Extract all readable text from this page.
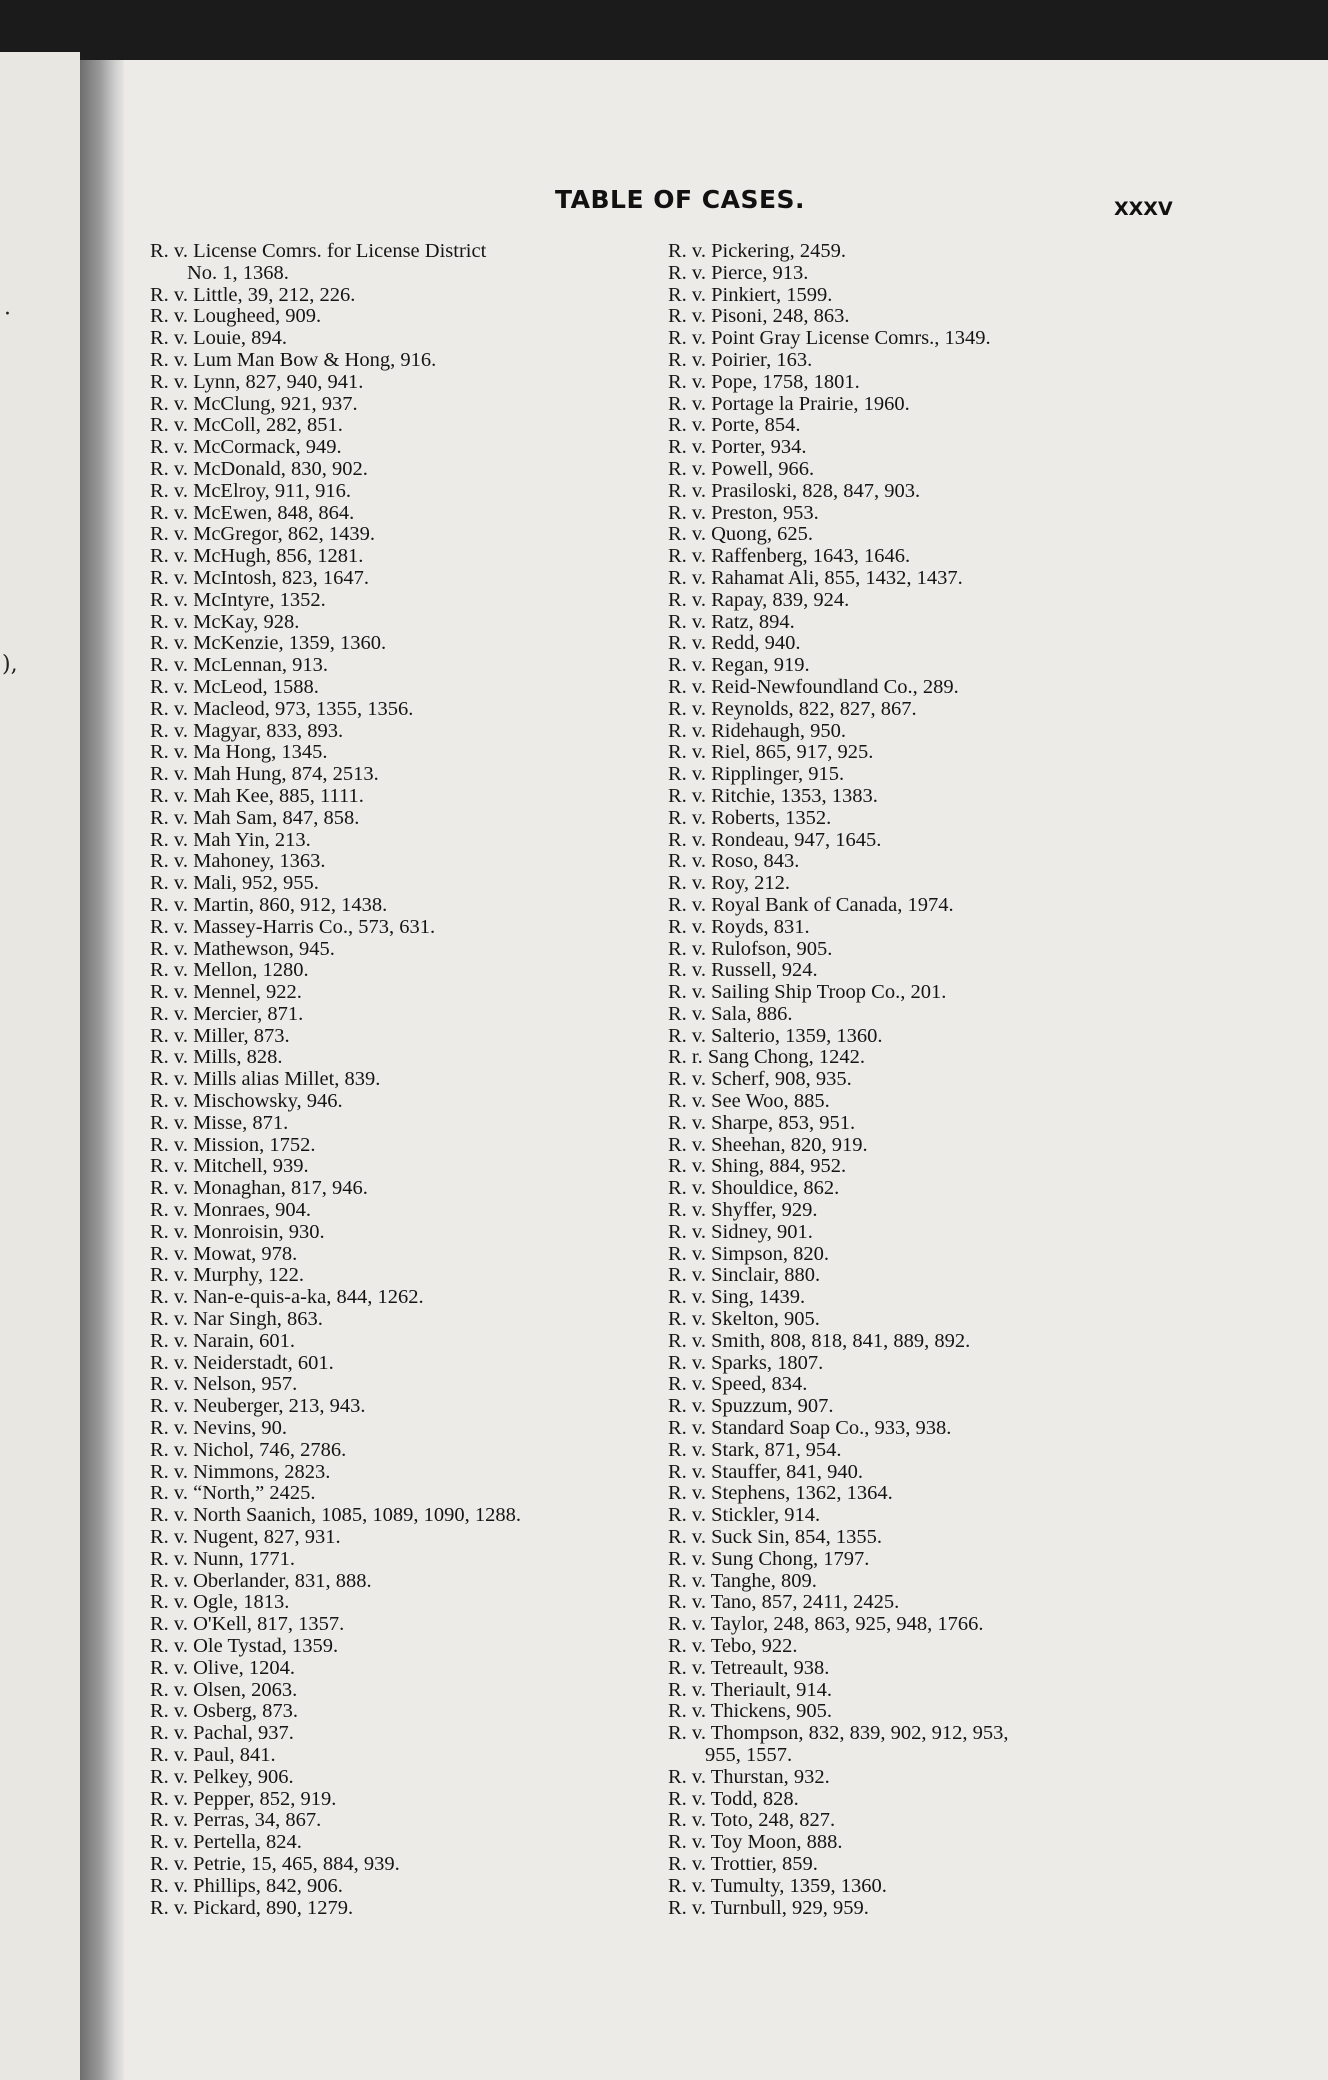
·
),
TABLE OF CASES.	XXXV
R. v. License Comrs. for License District
No. 1, 1368.
R. v. Little, 39, 212, 226.
R. v. Lougheed, 909.
R. v. Louie, 894.
R. v. Lum Man Bow & Hong, 916.
R. v. Lynn, 827, 940, 941.
R. v. McClung, 921, 937.
R. v. McColl, 282, 851.
R. v. McCormack, 949.
R. v. McDonald, 830, 902.
R. v. McElroy, 911, 916.
R. v. McEwen, 848, 864.
R. v. McGregor, 862, 1439.
R. v. McHugh, 856, 1281.
R. v. McIntosh, 823, 1647.
R. v. McIntyre, 1352.
R. v. McKay, 928.
R. v. McKenzie, 1359, 1360.
R. v. McLennan, 913.
R. v. McLeod, 1588.
R. v. Macleod, 973, 1355, 1356.
R. v. Magyar, 833, 893.
R. v. Ma Hong, 1345.
R. v. Mah Hung, 874, 2513.
R. v. Mah Kee, 885, 1111.
R. v. Mah Sam, 847, 858.
R. v. Mah Yin, 213.
R. v. Mahoney, 1363.
R. v. Mali, 952, 955.
R. v. Martin, 860, 912, 1438.
R. v. Massey-Harris Co., 573, 631.
R. v. Mathewson, 945.
R. v. Mellon, 1280.
R. v. Mennel, 922.
R. v. Mercier, 871.
R. v. Miller, 873.
R. v. Mills, 828.
R. v. Mills alias Millet, 839.
R. v. Mischowsky, 946.
R. v. Misse, 871.
R. v. Mission, 1752.
R. v. Mitchell, 939.
R. v. Monaghan, 817, 946.
R. v. Monraes, 904.
R. v. Monroisin, 930.
R. v. Mowat, 978.
R. v. Murphy, 122.
R. v. Nan-e-quis-a-ka, 844, 1262.
R. v. Nar Singh, 863.
R. v. Narain, 601.
R. v. Neiderstadt, 601.
R. v. Nelson, 957.
R. v. Neuberger, 213, 943.
R. v. Nevins, 90.
R. v. Nichol, 746, 2786.
R. v. Nimmons, 2823.
R. v. “North,” 2425.
R. v. North Saanich, 1085, 1089, 1090, 1288.
R. v. Nugent, 827, 931.
R. v. Nunn, 1771.
R. v. Oberlander, 831, 888.
R. v. Ogle, 1813.
R. v. O'Kell, 817, 1357.
R. v. Ole Tystad, 1359.
R. v. Olive, 1204.
R. v. Olsen, 2063.
R. v. Osberg, 873.
R. v. Pachal, 937.
R. v. Paul, 841.
R. v. Pelkey, 906.
R. v. Pepper, 852, 919.
R. v. Perras, 34, 867.
R. v. Pertella, 824.
R. v. Petrie, 15, 465, 884, 939.
R. v. Phillips, 842, 906.
R. v. Pickard, 890, 1279.
R. v. Pickering, 2459.
R. v. Pierce, 913.
R. v. Pinkiert, 1599.
R. v. Pisoni, 248, 863.
R. v. Point Gray License Comrs., 1349.
R. v. Poirier, 163.
R. v. Pope, 1758, 1801.
R. v. Portage la Prairie, 1960.
R. v. Porte, 854.
R. v. Porter, 934.
R. v. Powell, 966.
R. v. Prasiloski, 828, 847, 903.
R. v. Preston, 953.
R. v. Quong, 625.
R. v. Raffenberg, 1643, 1646.
R. v. Rahamat Ali, 855, 1432, 1437.
R. v. Rapay, 839, 924.
R. v. Ratz, 894.
R. v. Redd, 940.
R. v. Regan, 919.
R. v. Reid-Newfoundland Co., 289.
R. v. Reynolds, 822, 827, 867.
R. v. Ridehaugh, 950.
R. v. Riel, 865, 917, 925.
R. v. Ripplinger, 915.
R. v. Ritchie, 1353, 1383.
R. v. Roberts, 1352.
R. v. Rondeau, 947, 1645.
R. v. Roso, 843.
R. v. Roy, 212.
R. v. Royal Bank of Canada, 1974.
R. v. Royds, 831.
R. v. Rulofson, 905.
R. v. Russell, 924.
R. v. Sailing Ship Troop Co., 201.
R. v. Sala, 886.
R. v. Salterio, 1359, 1360.
R. r. Sang Chong, 1242.
R. v. Scherf, 908, 935.
R. v. See Woo, 885.
R. v. Sharpe, 853, 951.
R. v. Sheehan, 820, 919.
R. v. Shing, 884, 952.
R. v. Shouldice, 862.
R. v. Shyffer, 929.
R. v. Sidney, 901.
R. v. Simpson, 820.
R. v. Sinclair, 880.
R. v. Sing, 1439.
R. v. Skelton, 905.
R. v. Smith, 808, 818, 841, 889, 892.
R. v. Sparks, 1807.
R. v. Speed, 834.
R. v. Spuzzum, 907.
R. v. Standard Soap Co., 933, 938.
R. v. Stark, 871, 954.
R. v. Stauffer, 841, 940.
R. v. Stephens, 1362, 1364.
R. v. Stickler, 914.
R. v. Suck Sin, 854, 1355.
R. v. Sung Chong, 1797.
R. v. Tanghe, 809.
R. v. Tano, 857, 2411, 2425.
R. v. Taylor, 248, 863, 925, 948, 1766.
R. v. Tebo, 922.
R. v. Tetreault, 938.
R. v. Theriault, 914.
R. v. Thickens, 905.
R. v. Thompson, 832, 839, 902, 912, 953,
955, 1557.
R. v. Thurstan, 932.
R. v. Todd, 828.
R. v. Toto, 248, 827.
R. v. Toy Moon, 888.
R. v. Trottier, 859.
R. v. Tumulty, 1359, 1360.
R. v. Turnbull, 929, 959.
